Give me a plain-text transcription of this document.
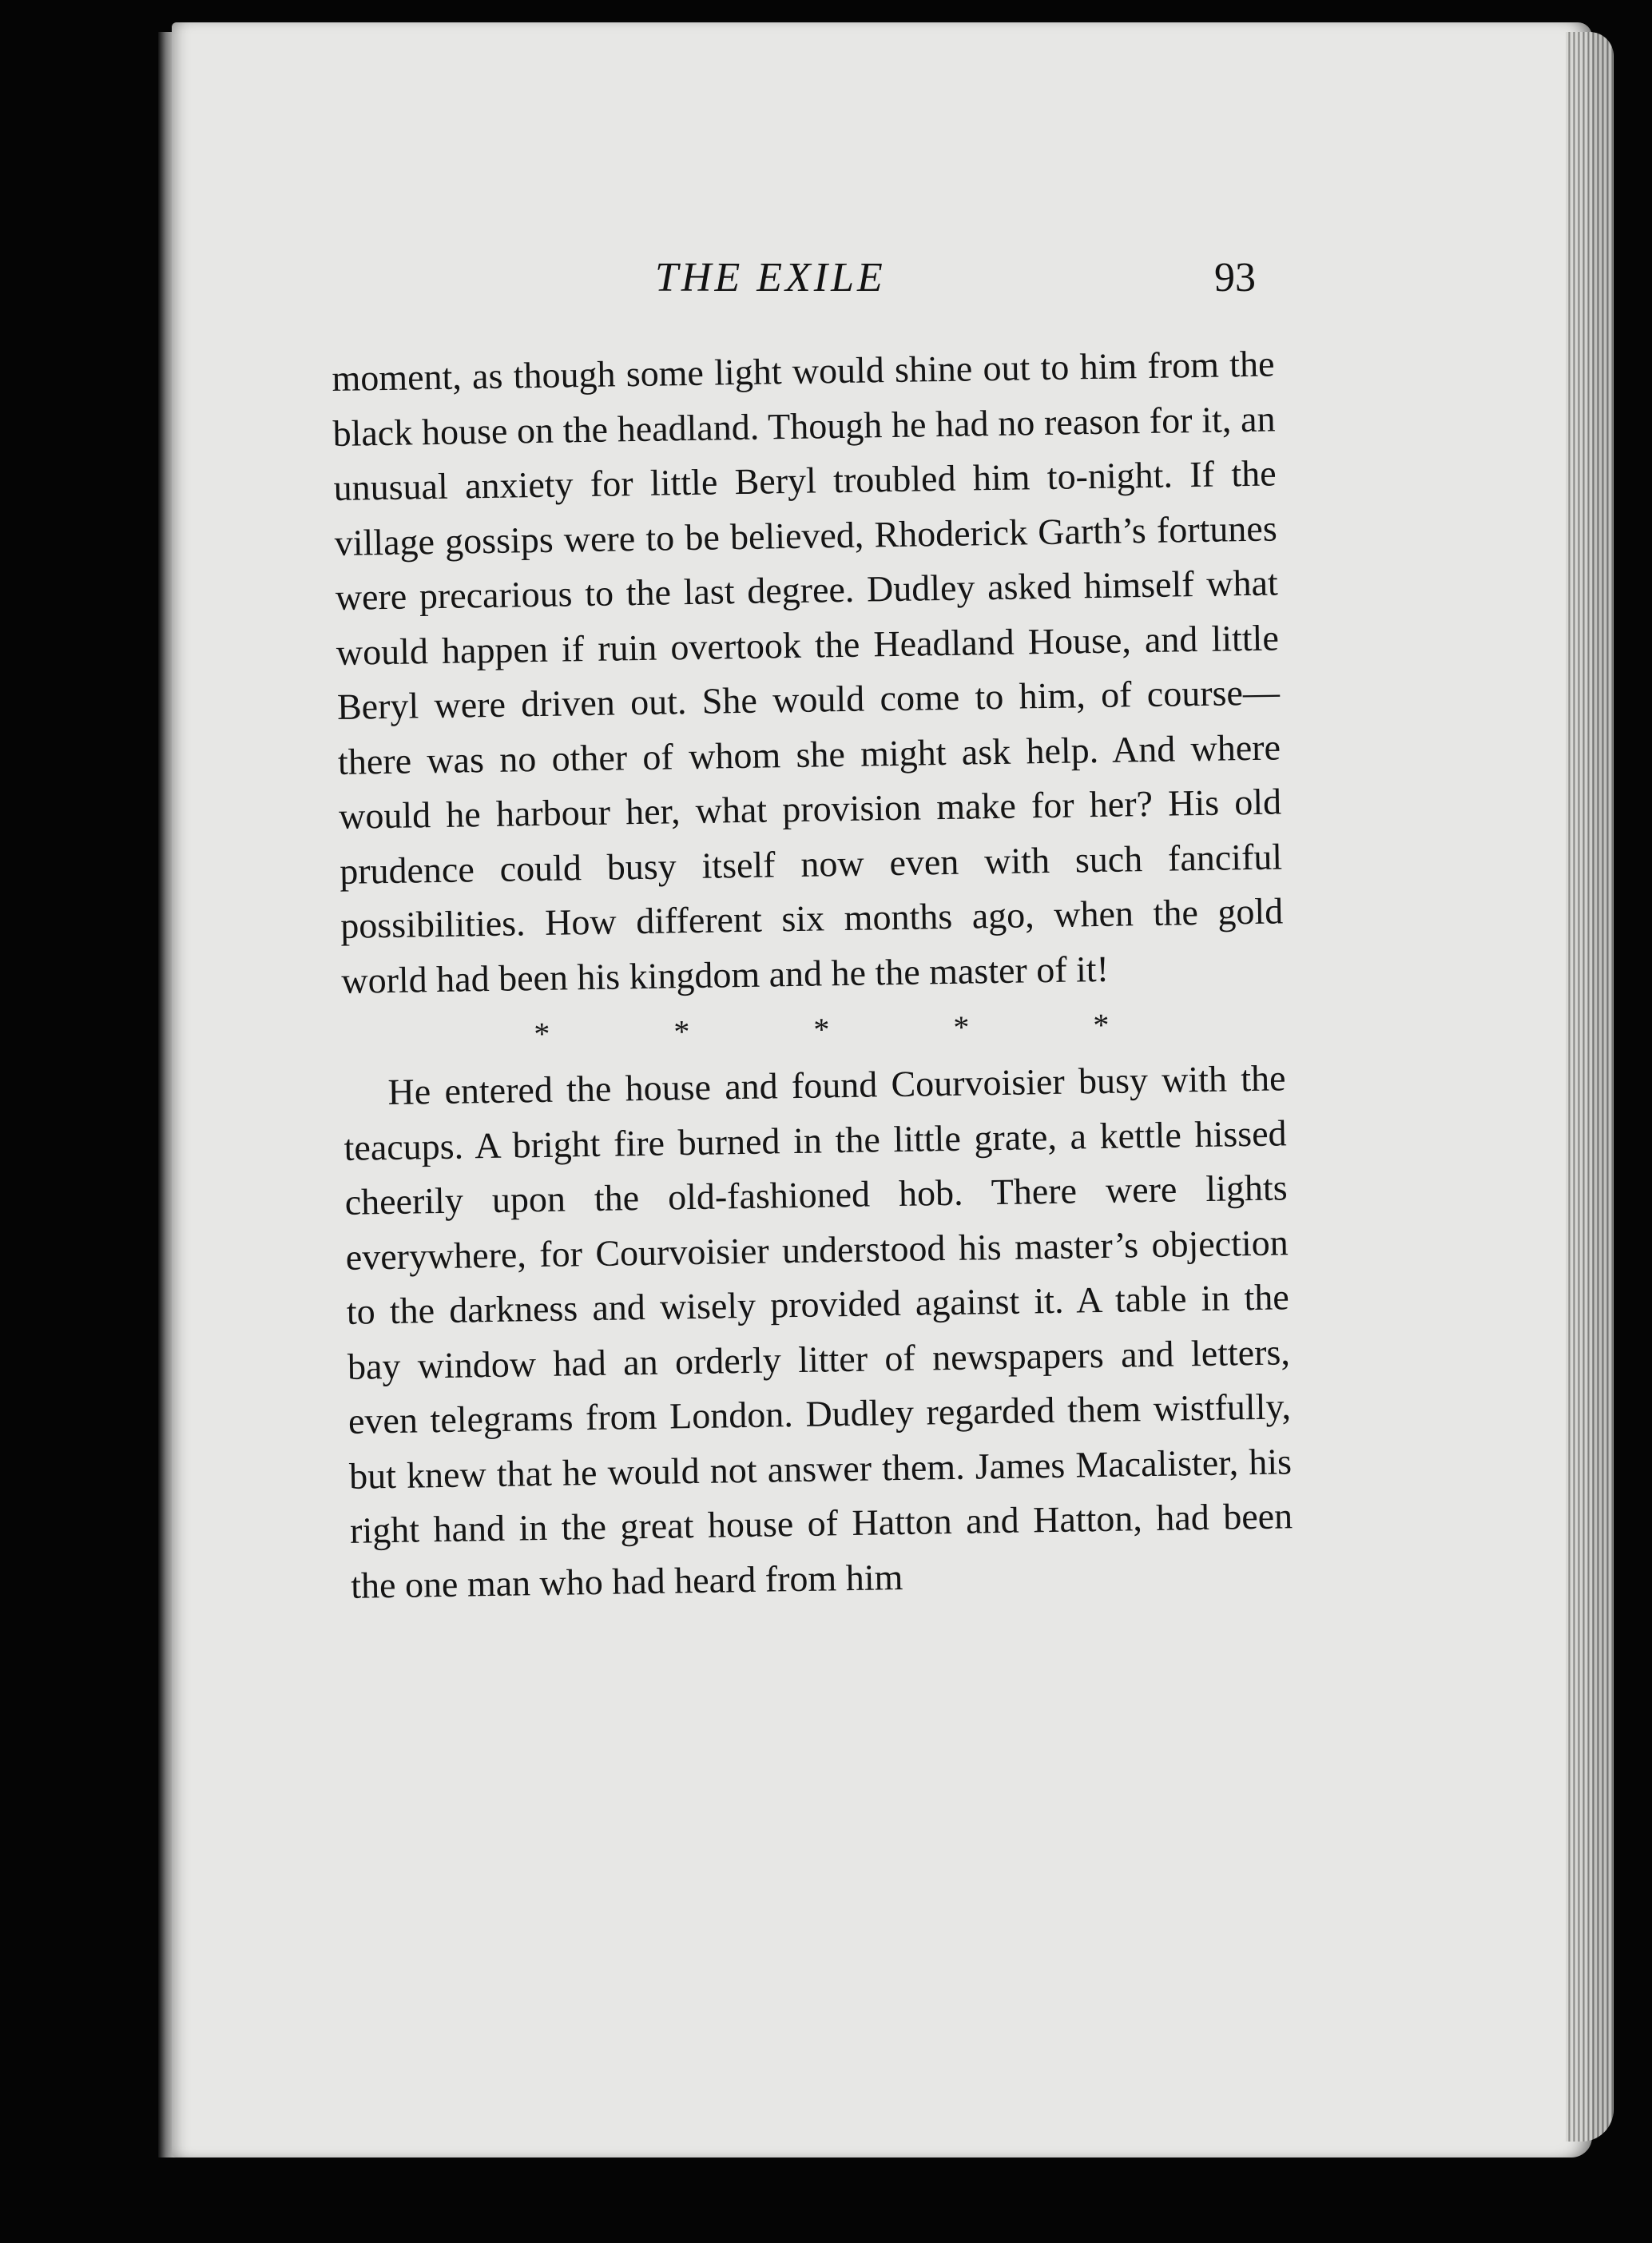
THE EXILE	93

moment, as though some light would shine out to him from the black house on the headland. Though he had no reason for it, an unusual anxiety for little Beryl troubled him to-night. If the village gossips were to be believed, Rhoderick Garth’s fortunes were precarious to the last degree. Dudley asked himself what would happen if ruin overtook the Headland House, and little Beryl were driven out. She would come to him, of course—there was no other of whom she might ask help. And where would he harbour her, what provision make for her? His old prudence could busy itself now even with such fanciful possibilities. How different six months ago, when the gold world had been his kingdom and he the master of it!

*	*	*	*	*

He entered the house and found Courvoisier busy with the teacups. A bright fire burned in the little grate, a kettle hissed cheerily upon the old-fashioned hob. There were lights everywhere, for Courvoisier understood his master’s objection to the darkness and wisely provided against it. A table in the bay window had an orderly litter of newspapers and letters, even telegrams from London. Dudley regarded them wistfully, but knew that he would not answer them. James Macalister, his right hand in the great house of Hatton and Hatton, had been the one man who had heard from him
